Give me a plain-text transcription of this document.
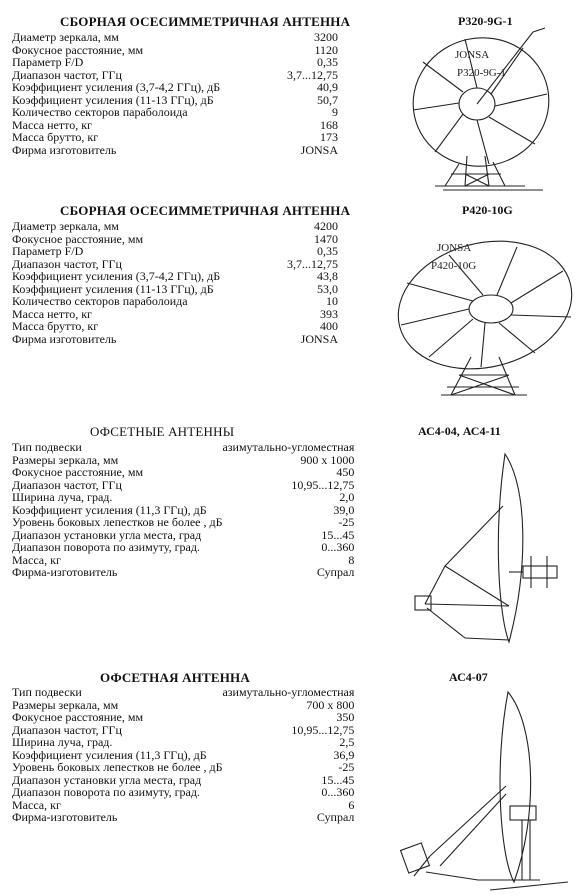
СБОРНАЯ ОСЕСИММЕТРИЧНАЯ АНТЕННА	P320-9G-1
Диаметр зеркала, мм	3200
Фокусное расстояние, мм	1120
Параметр F/D	0,35
Диапазон частот, ГГц	3,7...12,75
Коэффициент усиления (3,7-4,2 ГГц), дБ	40,9
Коэффициент усиления (11-13 ГГц), дБ	50,7
Количество секторов параболоида	9
Масса нетто, кг	168
Масса брутто, кг	173
Фирма изготовитель	JONSA
JONSA
P320-9G-1
СБОРНАЯ ОСЕСИММЕТРИЧНАЯ АНТЕННА	P420-10G
Диаметр зеркала, мм	4200
Фокусное расстояние, мм	1470
Параметр F/D	0,35
Диапазон частот, ГГц	3,7...12,75
Коэффициент усиления (3,7-4,2 ГГц), дБ	43,8
Коэффициент усиления (11-13 ГГц), дБ	53,0
Количество секторов параболоида	10
Масса нетто, кг	393
Масса брутто, кг	400
Фирма изготовитель	JONSA
JONSA
P420-10G
ОФСЕТНЫЕ АНТЕННЫ	АС4-04, АС4-11
Тип подвески	азимутально-угломестная
Размеры зеркала, мм	900 x 1000
Фокусное расстояние, мм	450
Диапазон частот, ГГц	10,95...12,75
Ширина луча, град.	2,0
Коэффициент усиления (11,3 ГГц), дБ	39,0
Уровень боковых лепестков не более , дБ	-25
Диапазон установки угла места, град	15...45
Диапазон поворота по азимуту, град.	0...360
Масса, кг	8
Фирма-изготовитель	Супрал
ОФСЕТНАЯ АНТЕННА	АС4-07
Тип подвески	азимутально-угломестная
Размеры зеркала, мм	700 x 800
Фокусное расстояние, мм	350
Диапазон частот, ГГц	10,95...12,75
Ширина луча, град.	2,5
Коэффициент усиления (11,3 ГГц), дБ	36,9
Уровень боковых лепестков не более , дБ	-25
Диапазон установки угла места, град	15...45
Диапазон поворота по азимуту, град.	0...360
Масса, кг	6
Фирма-изготовитель	Супрал
